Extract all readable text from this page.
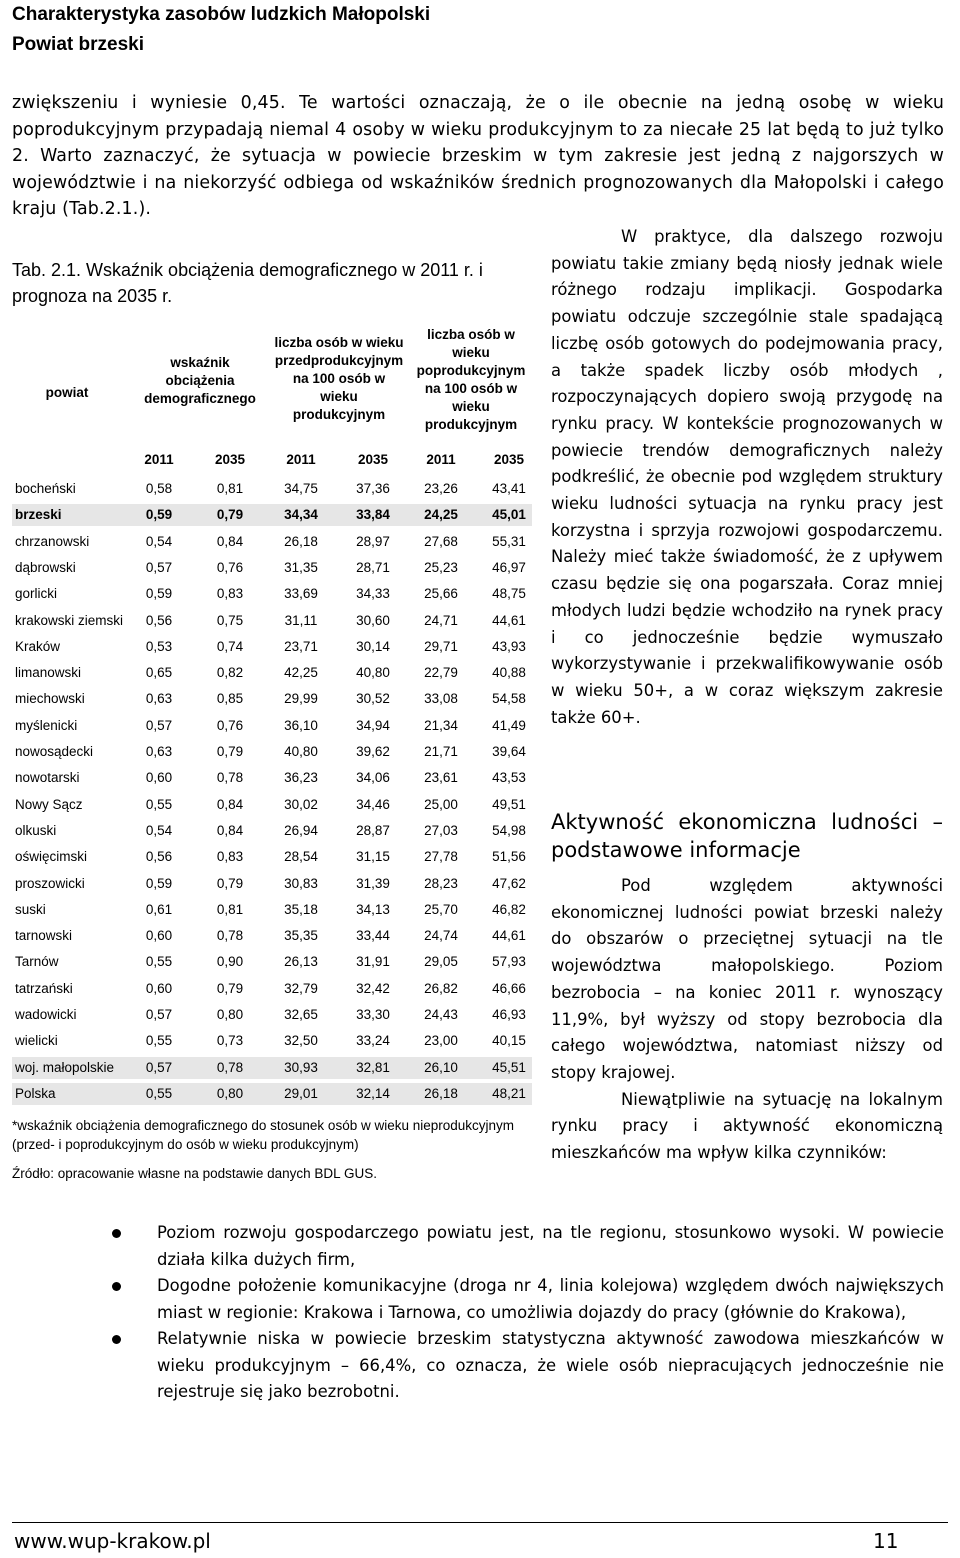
Charakterystyka zasobów ludzkich Małopolski
Powiat brzeski
zwiększeniu i wyniesie 0,45. Te wartości oznaczają, że o ile obecnie na jedną osobę w wieku poprodukcyjnym przypadają niemal 4 osoby w wieku produkcyjnym to za niecałe 25 lat będą to już tylko 2. Warto zaznaczyć, że sytuacja w powiecie brzeskim w tym zakresie jest jedną z najgorszych w województwie i na niekorzyść odbiega od wskaźników średnich prognozowanych dla Małopolski i całego kraju (Tab.2.1.).
Tab. 2.1. Wskaźnik obciążenia demograficznego w 2011 r. i prognoza na 2035 r.
powiat
wskaźnik obciążenia demograficznego
liczba osób w wieku przedprodukcyjnym na 100 osób w wieku produkcyjnym
liczba osób w wieku poprodukcyjnym na 100 osób w wieku produkcyjnym
2011	2035	2011	2035	2011	2035
bocheński	0,58	0,81	34,75	37,36	23,26	43,41
brzeski	0,59	0,79	34,34	33,84	24,25	45,01
chrzanowski	0,54	0,84	26,18	28,97	27,68	55,31
dąbrowski	0,57	0,76	31,35	28,71	25,23	46,97
gorlicki	0,59	0,83	33,69	34,33	25,66	48,75
krakowski ziemski	0,56	0,75	31,11	30,60	24,71	44,61
Kraków	0,53	0,74	23,71	30,14	29,71	43,93
limanowski	0,65	0,82	42,25	40,80	22,79	40,88
miechowski	0,63	0,85	29,99	30,52	33,08	54,58
myślenicki	0,57	0,76	36,10	34,94	21,34	41,49
nowosądecki	0,63	0,79	40,80	39,62	21,71	39,64
nowotarski	0,60	0,78	36,23	34,06	23,61	43,53
Nowy Sącz	0,55	0,84	30,02	34,46	25,00	49,51
olkuski	0,54	0,84	26,94	28,87	27,03	54,98
oświęcimski	0,56	0,83	28,54	31,15	27,78	51,56
proszowicki	0,59	0,79	30,83	31,39	28,23	47,62
suski	0,61	0,81	35,18	34,13	25,70	46,82
tarnowski	0,60	0,78	35,35	33,44	24,74	44,61
Tarnów	0,55	0,90	26,13	31,91	29,05	57,93
tatrzański	0,60	0,79	32,79	32,42	26,82	46,66
wadowicki	0,57	0,80	32,65	33,30	24,43	46,93
wielicki	0,55	0,73	32,50	33,24	23,00	40,15
woj. małopolskie	0,57	0,78	30,93	32,81	26,10	45,51
Polska	0,55	0,80	29,01	32,14	26,18	48,21
*wskaźnik obciążenia demograficznego do stosunek osób w wieku nieprodukcyjnym (przed- i poprodukcyjnym do osób w wieku produkcyjnym)
Źródło: opracowanie własne na podstawie danych BDL GUS.

W praktyce, dla dalszego rozwoju powiatu takie zmiany będą niosły jednak wiele różnego rodzaju implikacji. Gospodarka powiatu odczuje szczególnie stale spadającą liczbę osób gotowych do podejmowania pracy, a także spadek liczby osób młodych , rozpoczynających dopiero swoją przygodę na rynku pracy. W kontekście prognozowanych w powiecie trendów demograficznych należy podkreślić, że obecnie pod względem struktury wieku ludności sytuacja na rynku pracy jest korzystna i sprzyja rozwojowi gospodarczemu. Należy mieć także świadomość, że z upływem czasu będzie się ona pogarszała. Coraz mniej młodych ludzi będzie wchodziło na rynek pracy i co jednocześnie będzie wymuszało wykorzystywanie i przekwalifikowywanie osób w wieku 50+, a w coraz większym zakresie także 60+.

Aktywność ekonomiczna ludności – podstawowe informacje

Pod względem aktywności ekonomicznej ludności powiat brzeski należy do obszarów o przeciętnej sytuacji na tle województwa małopolskiego. Poziom bezrobocia – na koniec 2011 r. wynoszący 11,9%, był wyższy od stopy bezrobocia dla całego województwa, natomiast niższy od stopy krajowej.

Niewątpliwie na sytuację na lokalnym rynku pracy i aktywność ekonomiczną mieszkańców ma wpływ kilka czynników:

Poziom rozwoju gospodarczego powiatu jest, na tle regionu, stosunkowo wysoki. W powiecie działa kilka dużych firm,
Dogodne położenie komunikacyjne (droga nr 4, linia kolejowa) względem dwóch największych miast w regionie: Krakowa i Tarnowa, co umożliwia dojazdy do pracy (głównie do Krakowa),
Relatywnie niska w powiecie brzeskim statystyczna aktywność zawodowa mieszkańców w wieku produkcyjnym – 66,4%, co oznacza, że wiele osób niepracujących jednocześnie nie rejestruje się jako bezrobotni.
www.wup-krakow.pl	11
